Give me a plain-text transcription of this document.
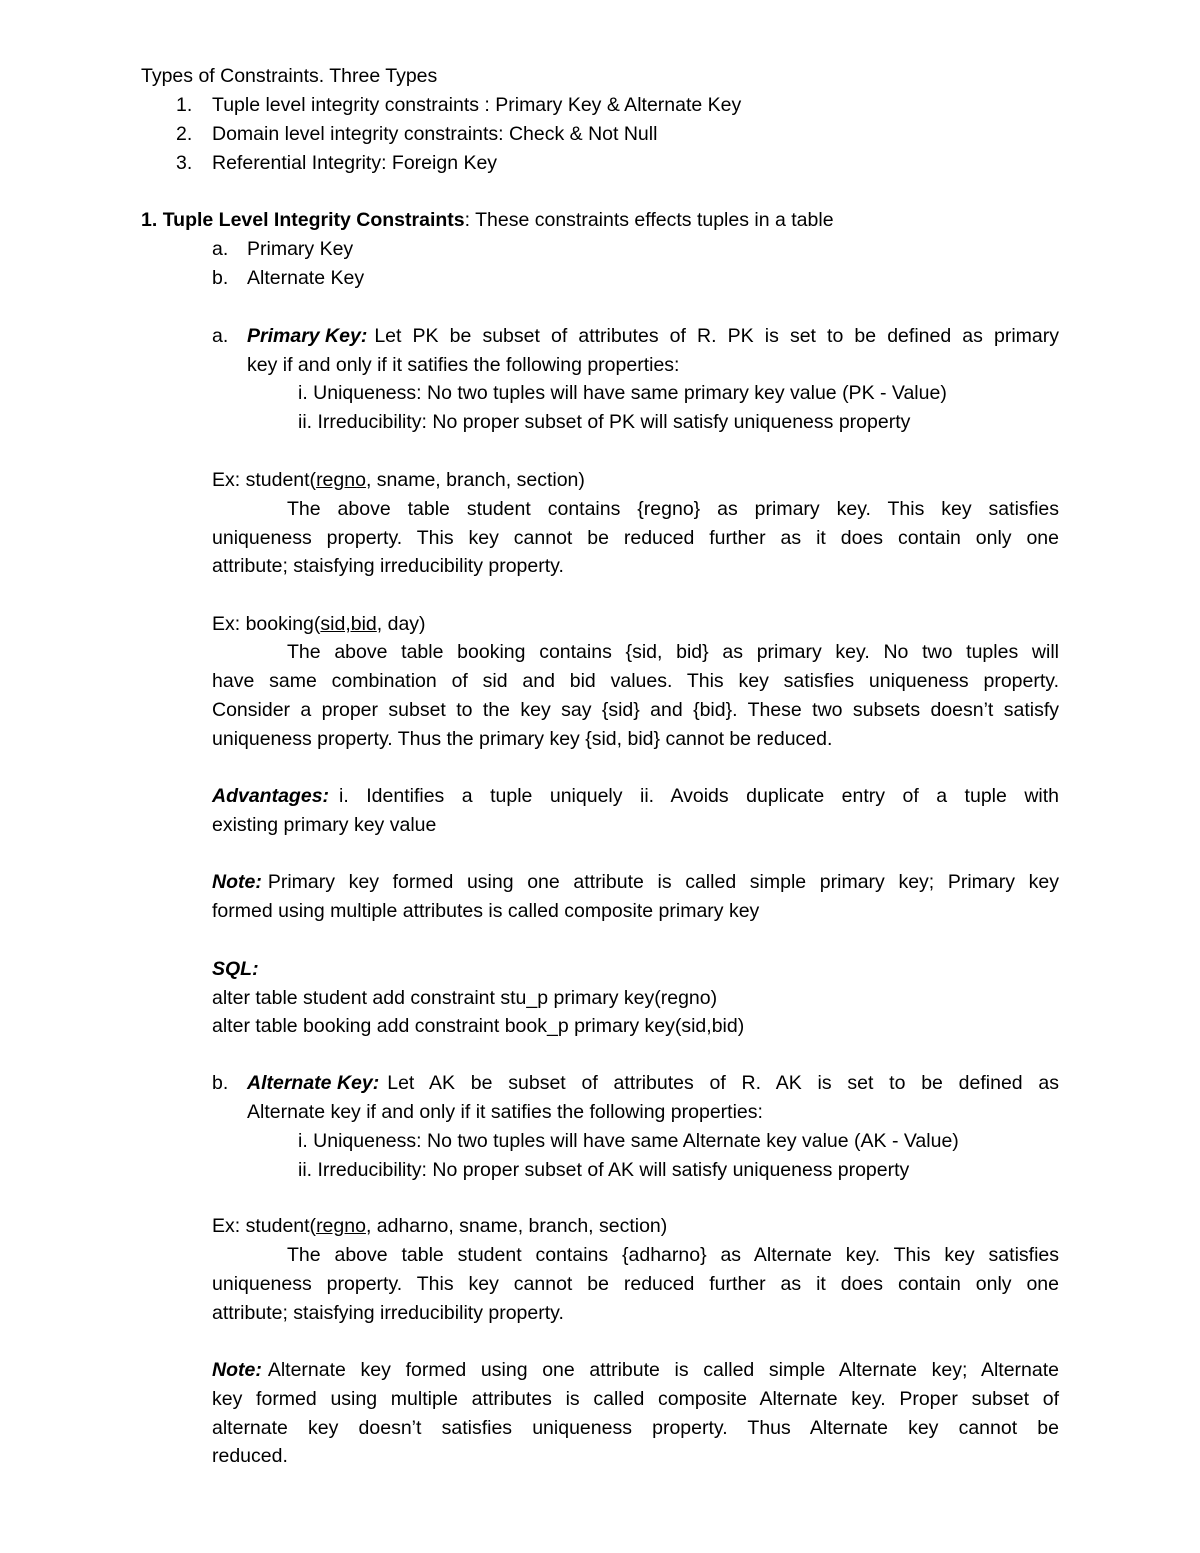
Types of Constraints. Three Types
1. Tuple level integrity constraints : Primary Key & Alternate Key
2. Domain level integrity constraints: Check & Not Null
3. Referential Integrity: Foreign Key
1. Tuple Level Integrity Constraints: These constraints effects tuples in a table
a. Primary Key
b. Alternate Key
a. Primary Key: Let PK be subset of attributes of R. PK is set to be defined as primary
key if and only if it satifies the following properties:
i. Uniqueness: No two tuples will have same primary key value (PK - Value)
ii. Irreducibility: No proper subset of PK will satisfy uniqueness property
Ex: student(regno, sname, branch, section)
The above table student contains {regno} as primary key. This key satisfies
uniqueness property. This key cannot be reduced further as it does contain only one
attribute; staisfying irreducibility property.
Ex: booking(sid,bid, day)
The above table booking contains {sid, bid} as primary key. No two tuples will
have same combination of sid and bid values. This key satisfies uniqueness property.
Consider a proper subset to the key say {sid} and {bid}. These two subsets doesn’t satisfy
uniqueness property. Thus the primary key {sid, bid} cannot be reduced.
Advantages: i. Identifies a tuple uniquely ii. Avoids duplicate entry of a tuple with
existing primary key value
Note: Primary key formed using one attribute is called simple primary key; Primary key
formed using multiple attributes is called composite primary key
SQL:
alter table student add constraint stu_p primary key(regno)
alter table booking add constraint book_p primary key(sid,bid)
b. Alternate Key: Let AK be subset of attributes of R. AK is set to be defined as
Alternate key if and only if it satifies the following properties:
i. Uniqueness: No two tuples will have same Alternate key value (AK - Value)
ii. Irreducibility: No proper subset of AK will satisfy uniqueness property
Ex: student(regno, adharno, sname, branch, section)
The above table student contains {adharno} as Alternate key. This key satisfies
uniqueness property. This key cannot be reduced further as it does contain only one
attribute; staisfying irreducibility property.
Note: Alternate key formed using one attribute is called simple Alternate key; Alternate
key formed using multiple attributes is called composite Alternate key. Proper subset of
alternate key doesn’t satisfies uniqueness property. Thus Alternate key cannot be
reduced.
